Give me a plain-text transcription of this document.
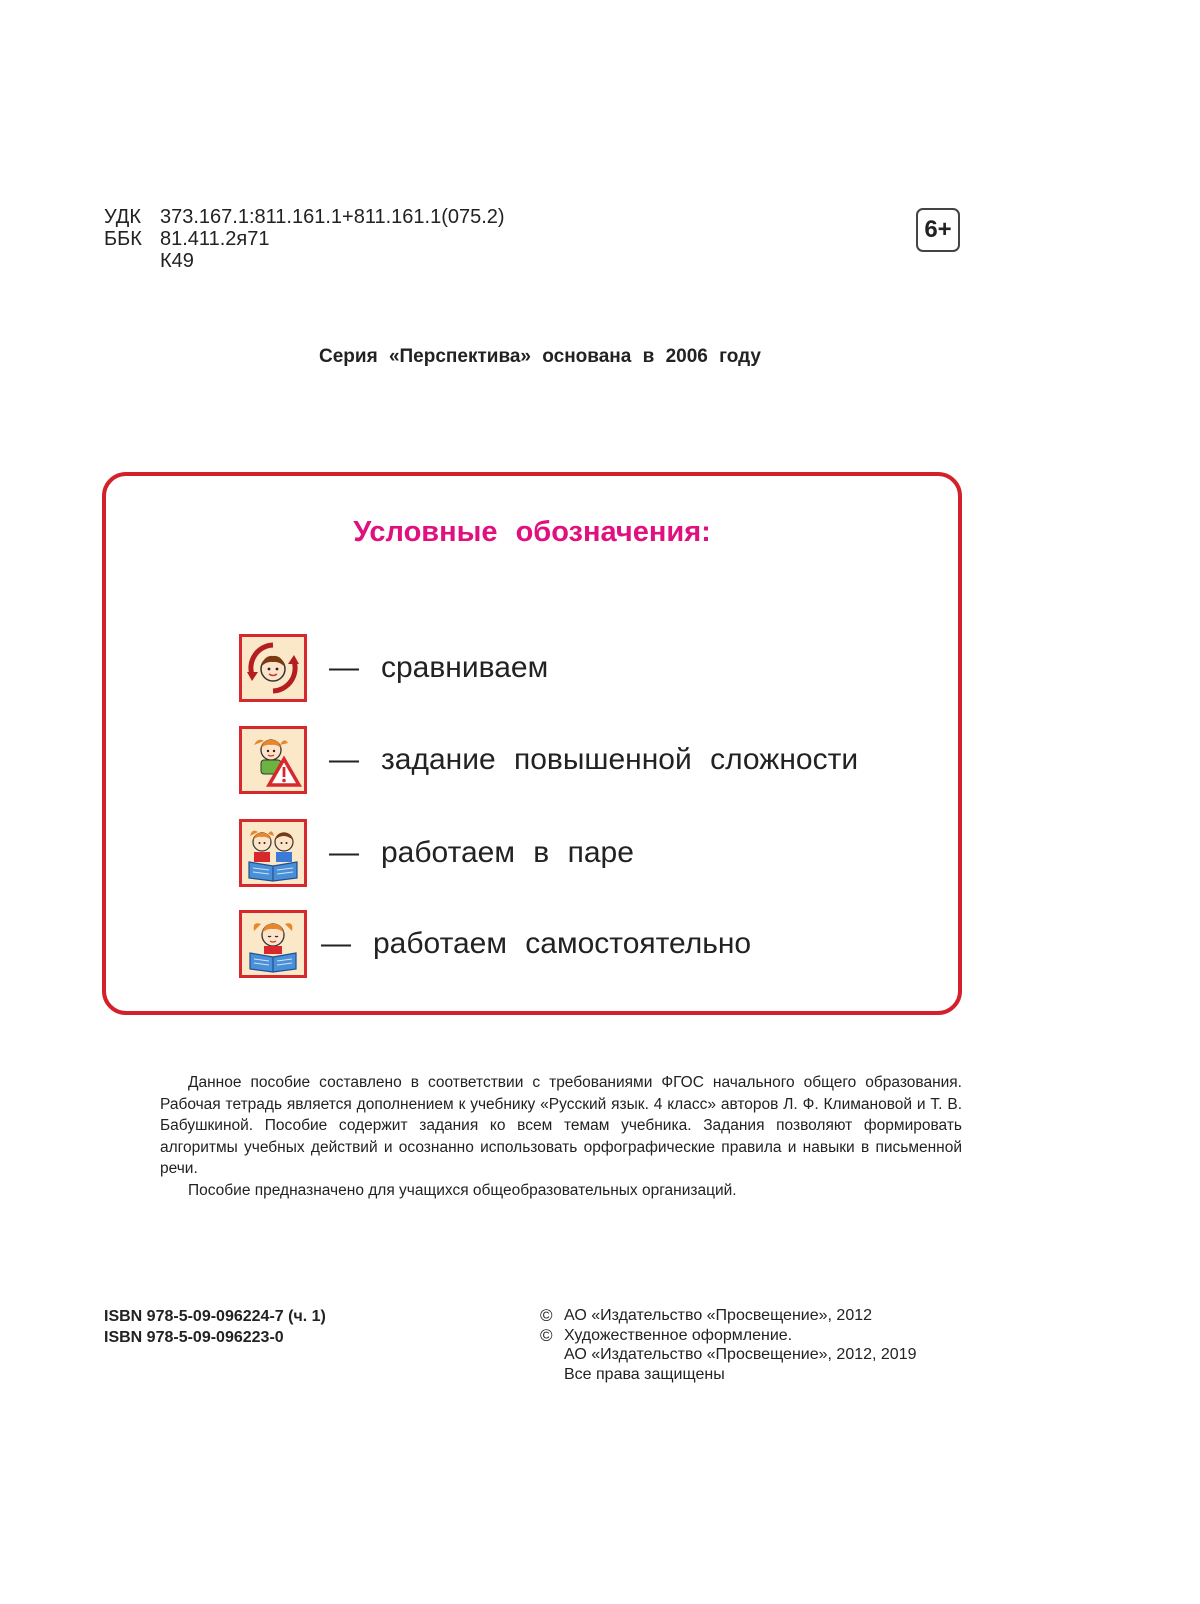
УДК 373.167.1:811.161.1+811.161.1(075.2)
ББК 81.411.2я71
К49
6+
Серия «Перспектива» основана в 2006 году
Условные обозначения:
— сравниваем
— задание повышенной сложности
— работаем в паре
— работаем самостоятельно

Данное пособие составлено в соответствии с требованиями ФГОС начального общего образования. Рабочая тетрадь является дополнением к учебнику «Русский язык. 4 класс» авторов Л. Ф. Климановой и Т. В. Бабушкиной. Пособие содержит задания ко всем темам учебника. Задания позволяют формировать алгоритмы учебных действий и осознанно использовать орфографические правила и навыки в письменной речи.

Пособие предназначено для учащихся общеобразовательных организаций.

ISBN 978-5-09-096224-7 (ч. 1)
ISBN 978-5-09-096223-0
© АО «Издательство «Просвещение», 2012
© Художественное оформление.
АО «Издательство «Просвещение», 2012, 2019
Все права защищены
